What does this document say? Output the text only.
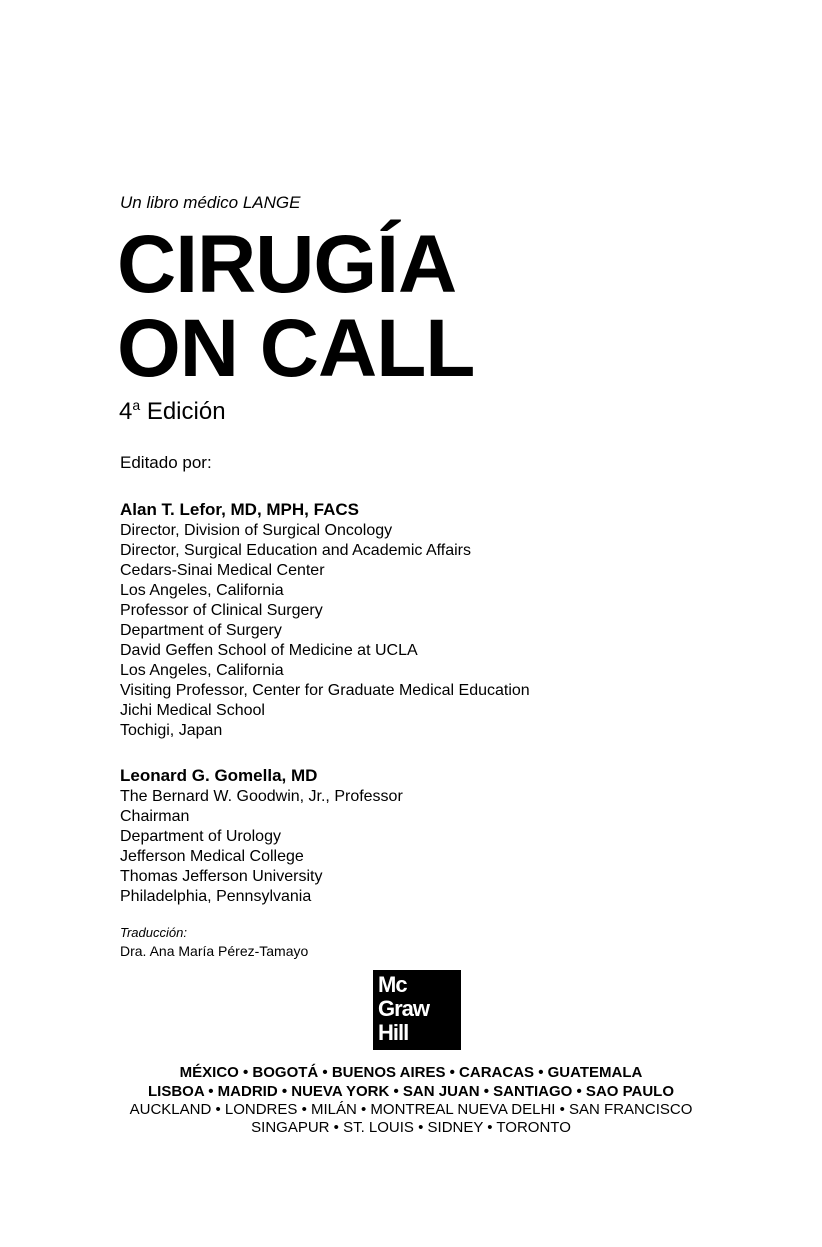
Un libro médico LANGE
CIRUGÍA
ON CALL
4$^a$ Edición
Editado por:
Alan T. Lefor, MD, MPH, FACS
Director, Division of Surgical Oncology
Director, Surgical Education and Academic Affairs
Cedars-Sinai Medical Center
Los Angeles, California
Professor of Clinical Surgery
Department of Surgery
David Geffen School of Medicine at UCLA
Los Angeles, California
Visiting Professor, Center for Graduate Medical Education
Jichi Medical School
Tochigi, Japan
Leonard G. Gomella, MD
The Bernard W. Goodwin, Jr., Professor
Chairman
Department of Urology
Jefferson Medical College
Thomas Jefferson University
Philadelphia, Pennsylvania
Traducción:
Dra. Ana María Pérez-Tamayo
Mc
Graw
Hill
MÉXICO • BOGOTÁ • BUENOS AIRES • CARACAS • GUATEMALA
LISBOA • MADRID • NUEVA YORK • SAN JUAN • SANTIAGO • SAO PAULO
AUCKLAND • LONDRES • MILÁN • MONTREAL NUEVA DELHI • SAN FRANCISCO
SINGAPUR • ST. LOUIS • SIDNEY • TORONTO
